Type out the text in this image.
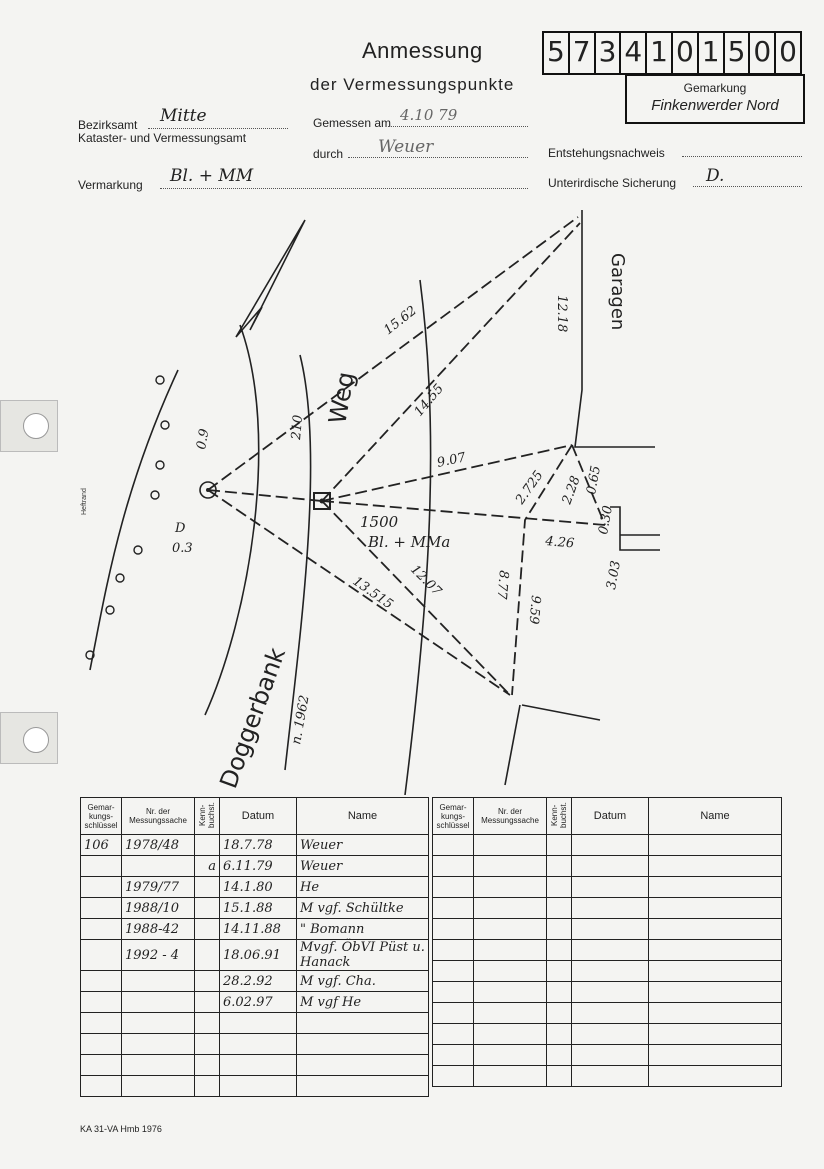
Anmessung
der Vermessungspunkte
5 7 3 4 1 0 1 5 0 0
Gemarkung
Finkenwerder Nord
Bezirksamt Mitte
Kataster- und Vermessungsamt
Gemessen am 4.10 79
durch Weuer	Entstehungsnachweis
Vermarkung Bl. + MM	Unterirdische Sicherung D.
15.62
14.55
12.18
9.07
2.725 2.28 0.65
4.26
8.77
9.59
12.07
13.515
0.30
3.03
210
0.9
D
0.3
1500
Bl. + MMa
n. 1962
Weg
Doggerbank
Garagen
Heftrand
Gemar-kungs-schlüssel	Nr. der Messungssache	Kenn-buchst.	Datum	Name
106	1978/48		18.7.78	Weuer
		a	6.11.79	Weuer
	1979/77		14.1.80	He
	1988/10		15.1.88	M vgf. Schültke
	1988-42		14.11.88	" Bomann
	1992 - 4		18.06.91	Mvgf. ÖbVI Püst u. Hanack
			28.2.92	M vgf. Cha.
			6.02.97	M vgf He

Gemar-kungs-schlüssel	Nr. der Messungssache	Kenn-buchst.	Datum	Name

KA 31-VA Hmb 1976
